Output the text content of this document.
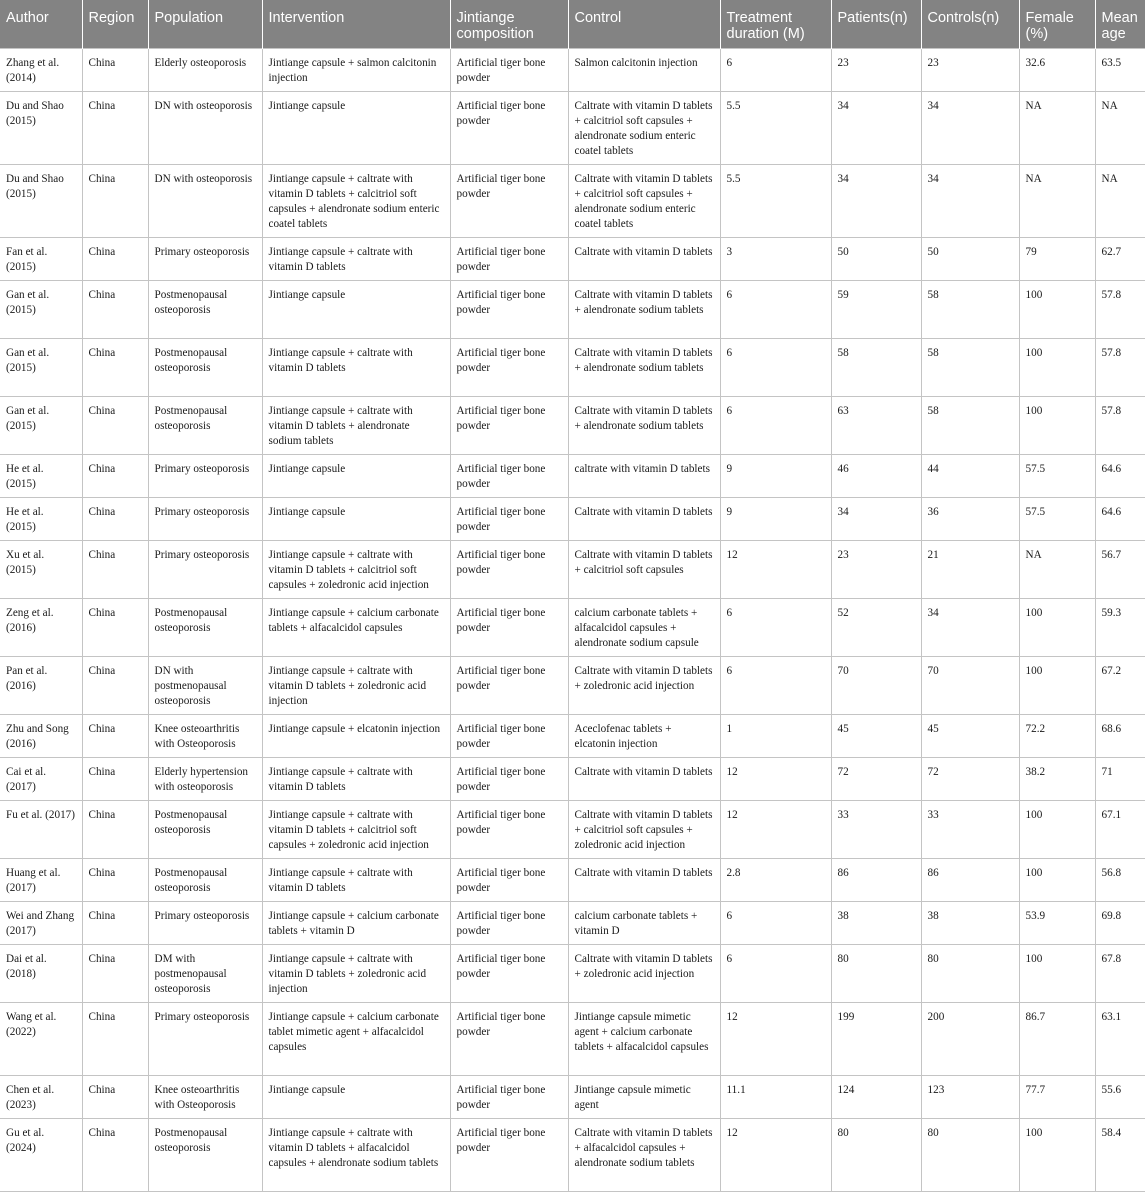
Author	Region	Population	Intervention	Jintiange composition	Control	Treatment duration (M)	Patients(n)	Controls(n)	Female (%)	Mean age
Zhang et al. (2014)	China	Elderly osteoporosis	Jintiange capsule + salmon calcitonin injection	Artificial tiger bone powder	Salmon calcitonin injection	6	23	23	32.6	63.5
Du and Shao (2015)	China	DN with osteoporosis	Jintiange capsule	Artificial tiger bone powder	Caltrate with vitamin D tablets + calcitriol soft capsules + alendronate sodium enteric coatel tablets	5.5	34	34	NA	NA
Du and Shao (2015)	China	DN with osteoporosis	Jintiange capsule + caltrate with vitamin D tablets + calcitriol soft capsules + alendronate sodium enteric coatel tablets	Artificial tiger bone powder	Caltrate with vitamin D tablets + calcitriol soft capsules + alendronate sodium enteric coatel tablets	5.5	34	34	NA	NA
Fan et al. (2015)	China	Primary osteoporosis	Jintiange capsule + caltrate with vitamin D tablets	Artificial tiger bone powder	Caltrate with vitamin D tablets	3	50	50	79	62.7
Gan et al. (2015)	China	Postmenopausal osteoporosis	Jintiange capsule	Artificial tiger bone powder	Caltrate with vitamin D tablets + alendronate sodium tablets	6	59	58	100	57.8
Gan et al. (2015)	China	Postmenopausal osteoporosis	Jintiange capsule + caltrate with vitamin D tablets	Artificial tiger bone powder	Caltrate with vitamin D tablets + alendronate sodium tablets	6	58	58	100	57.8
Gan et al. (2015)	China	Postmenopausal osteoporosis	Jintiange capsule + caltrate with vitamin D tablets + alendronate sodium tablets	Artificial tiger bone powder	Caltrate with vitamin D tablets + alendronate sodium tablets	6	63	58	100	57.8
He et al. (2015)	China	Primary osteoporosis	Jintiange capsule	Artificial tiger bone powder	caltrate with vitamin D tablets	9	46	44	57.5	64.6
He et al. (2015)	China	Primary osteoporosis	Jintiange capsule	Artificial tiger bone powder	Caltrate with vitamin D tablets	9	34	36	57.5	64.6
Xu et al. (2015)	China	Primary osteoporosis	Jintiange capsule + caltrate with vitamin D tablets + calcitriol soft capsules + zoledronic acid injection	Artificial tiger bone powder	Caltrate with vitamin D tablets + calcitriol soft capsules	12	23	21	NA	56.7
Zeng et al. (2016)	China	Postmenopausal osteoporosis	Jintiange capsule + calcium carbonate tablets + alfacalcidol capsules	Artificial tiger bone powder	calcium carbonate tablets + alfacalcidol capsules + alendronate sodium capsule	6	52	34	100	59.3
Pan et al. (2016)	China	DN with postmenopausal osteoporosis	Jintiange capsule + caltrate with vitamin D tablets + zoledronic acid injection	Artificial tiger bone powder	Caltrate with vitamin D tablets + zoledronic acid injection	6	70	70	100	67.2
Zhu and Song (2016)	China	Knee osteoarthritis with Osteoporosis	Jintiange capsule + elcatonin injection	Artificial tiger bone powder	Aceclofenac tablets + elcatonin injection	1	45	45	72.2	68.6
Cai et al. (2017)	China	Elderly hypertension with osteoporosis	Jintiange capsule + caltrate with vitamin D tablets	Artificial tiger bone powder	Caltrate with vitamin D tablets	12	72	72	38.2	71
Fu et al. (2017)	China	Postmenopausal osteoporosis	Jintiange capsule + caltrate with vitamin D tablets + calcitriol soft capsules + zoledronic acid injection	Artificial tiger bone powder	Caltrate with vitamin D tablets + calcitriol soft capsules + zoledronic acid injection	12	33	33	100	67.1
Huang et al. (2017)	China	Postmenopausal osteoporosis	Jintiange capsule + caltrate with vitamin D tablets	Artificial tiger bone powder	Caltrate with vitamin D tablets	2.8	86	86	100	56.8
Wei and Zhang (2017)	China	Primary osteoporosis	Jintiange capsule + calcium carbonate tablets + vitamin D	Artificial tiger bone powder	calcium carbonate tablets + vitamin D	6	38	38	53.9	69.8
Dai et al. (2018)	China	DM with postmenopausal osteoporosis	Jintiange capsule + caltrate with vitamin D tablets + zoledronic acid injection	Artificial tiger bone powder	Caltrate with vitamin D tablets + zoledronic acid injection	6	80	80	100	67.8
Wang et al. (2022)	China	Primary osteoporosis	Jintiange capsule + calcium carbonate tablet mimetic agent + alfacalcidol capsules	Artificial tiger bone powder	Jintiange capsule mimetic agent + calcium carbonate tablets + alfacalcidol capsules	12	199	200	86.7	63.1
Chen et al. (2023)	China	Knee osteoarthritis with Osteoporosis	Jintiange capsule	Artificial tiger bone powder	Jintiange capsule mimetic agent	11.1	124	123	77.7	55.6
Gu et al. (2024)	China	Postmenopausal osteoporosis	Jintiange capsule + caltrate with vitamin D tablets + alfacalcidol capsules + alendronate sodium tablets	Artificial tiger bone powder	Caltrate with vitamin D tablets + alfacalcidol capsules + alendronate sodium tablets	12	80	80	100	58.4
